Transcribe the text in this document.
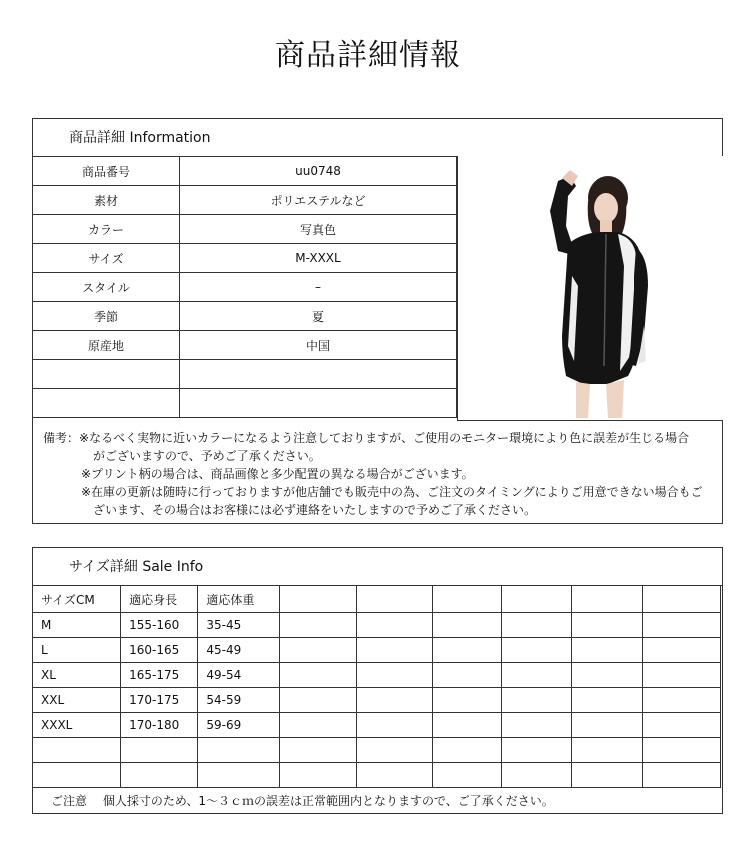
商品詳細情報
商品詳細 Information
商品番号	uu0748
素材	ポリエステルなど
カラー	写真色
サイズ	M-XXXL
スタイル	–
季節	夏
原産地	中国

備考：※なるべく実物に近いカラーになるよう注意しておりますが、ご使用のモニター環境により色に誤差が生じる場合
がございますので、予めご了承ください。
※プリント柄の場合は、商品画像と多少配置の異なる場合がございます。
※在庫の更新は随時に行っておりますが他店舗でも販売中の為、ご注文のタイミングによりご用意できない場合もご
ざいます、その場合はお客様には必ず連絡をいたしますので予めご了承ください。
サイズ詳細 Sale Info
サイズCM	適応身長	適応体重						
M	155-160	35-45						
L	160-165	45-49						
XL	165-175	49-54						
XXL	170-175	54-59						
XXXL	170-180	59-69						

ご注意　 個人採寸のため、1～３ｃｍの誤差は正常範囲内となりますので、ご了承ください。
